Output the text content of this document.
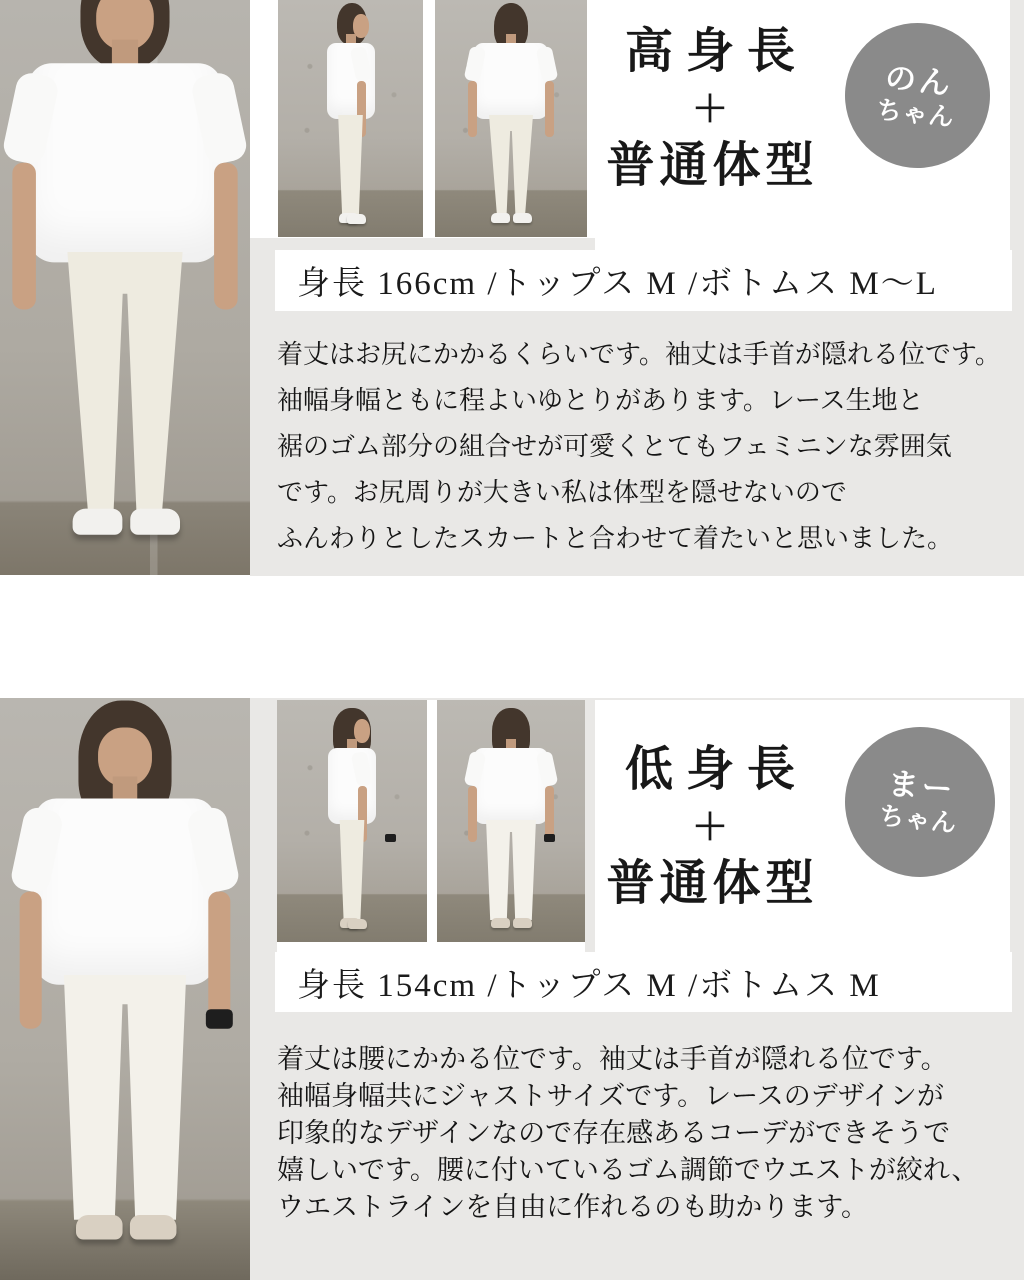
高身長
＋
普通体型
のん
ちゃん
身長 166cm /トップス M /ボトムス M〜L
着丈はお尻にかかるくらいです。袖丈は手首が隠れる位です。
袖幅身幅ともに程よいゆとりがあります。レース生地と
裾のゴム部分の組合せが可愛くとてもフェミニンな雰囲気
です。お尻周りが大きい私は体型を隠せないので
ふんわりとしたスカートと合わせて着たいと思いました。
低身長
＋
普通体型
まー
ちゃん
身長 154cm /トップス M /ボトムス M
着丈は腰にかかる位です。袖丈は手首が隠れる位です。
袖幅身幅共にジャストサイズです。レースのデザインが
印象的なデザインなので存在感あるコーデができそうで
嬉しいです。腰に付いているゴム調節でウエストが絞れ、
ウエストラインを自由に作れるのも助かります。
